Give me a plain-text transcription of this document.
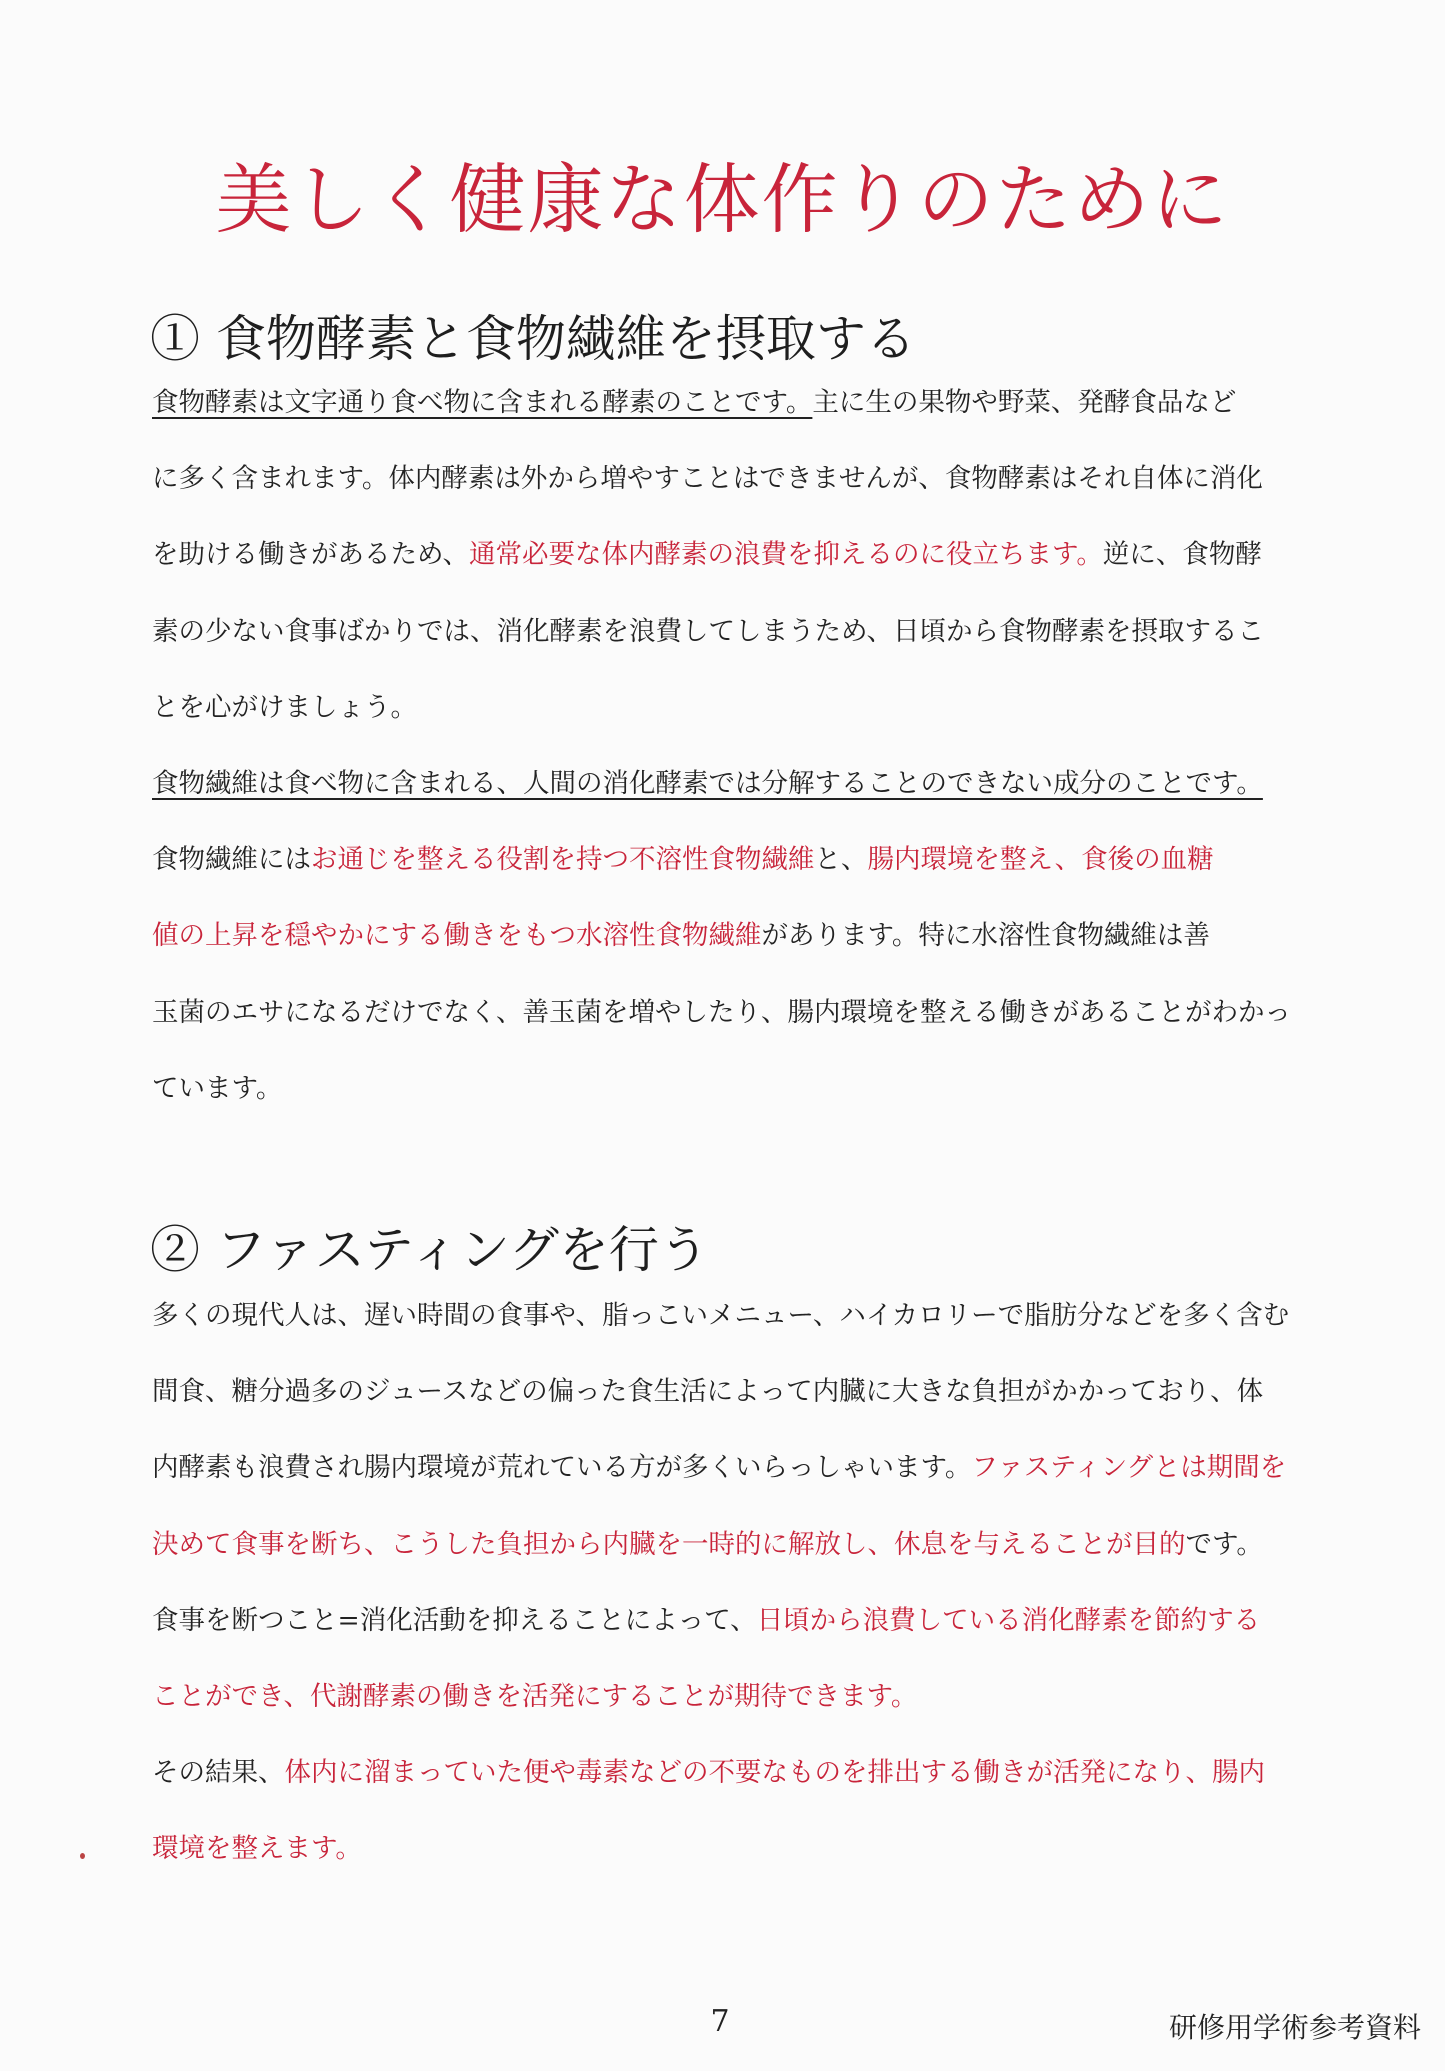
美しく健康な体作りのために
① 食物酵素と食物繊維を摂取する
食物酵素は文字通り食べ物に含まれる酵素のことです。主に生の果物や野菜、発酵食品など
に多く含まれます。体内酵素は外から増やすことはできませんが、食物酵素はそれ自体に消化
を助ける働きがあるため、通常必要な体内酵素の浪費を抑えるのに役立ちます。逆に、食物酵
素の少ない食事ばかりでは、消化酵素を浪費してしまうため、日頃から食物酵素を摂取するこ
とを心がけましょう。
食物繊維は食べ物に含まれる、人間の消化酵素では分解することのできない成分のことです。
食物繊維にはお通じを整える役割を持つ不溶性食物繊維と、腸内環境を整え、食後の血糖
値の上昇を穏やかにする働きをもつ水溶性食物繊維があります。特に水溶性食物繊維は善
玉菌のエサになるだけでなく、善玉菌を増やしたり、腸内環境を整える働きがあることがわかっ
ています。
② ファスティングを行う
多くの現代人は、遅い時間の食事や、脂っこいメニュー、ハイカロリーで脂肪分などを多く含む
間食、糖分過多のジュースなどの偏った食生活によって内臓に大きな負担がかかっており、体
内酵素も浪費され腸内環境が荒れている方が多くいらっしゃいます。ファスティングとは期間を
決めて食事を断ち、こうした負担から内臓を一時的に解放し、休息を与えることが目的です。
食事を断つこと=消化活動を抑えることによって、日頃から浪費している消化酵素を節約する
ことができ、代謝酵素の働きを活発にすることが期待できます。
その結果、体内に溜まっていた便や毒素などの不要なものを排出する働きが活発になり、腸内
環境を整えます。
7	研修用学術参考資料
